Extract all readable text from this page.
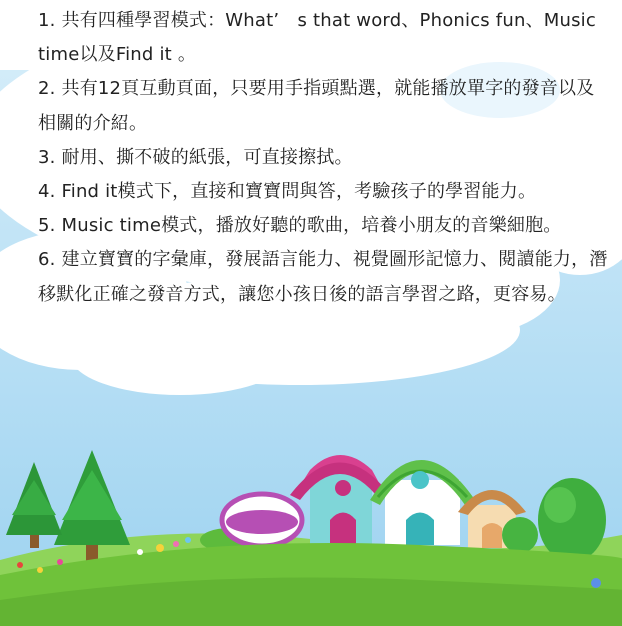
1. 共有四種學習模式：What’　s that word、Phonics fun、Music time以及Find it 。

2. 共有12頁互動頁面，只要用手指頭點選，就能播放單字的發音以及相關的介紹。

3. 耐用、撕不破的紙張，可直接擦拭。

4. Find it模式下，直接和寶寶問與答，考驗孩子的學習能力。

5. Music time模式，播放好聽的歌曲，培養小朋友的音樂細胞。

6. 建立寶寶的字彙庫，發展語言能力、視覺圖形記憶力、閱讀能力，潛移默化正確之發音方式，讓您小孩日後的語言學習之路，更容易。
